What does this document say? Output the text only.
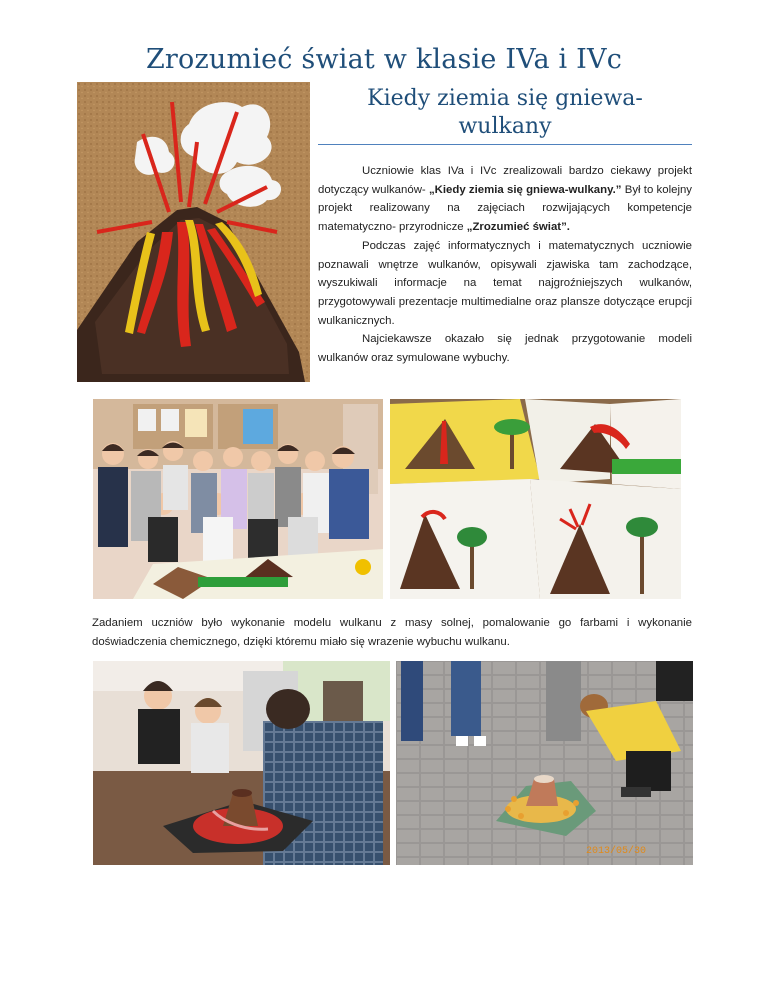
Zrozumieć świat w klasie IVa i IVc
Kiedy ziemia się gniewa-
wulkany

Uczniowie klas IVa i IVc zrealizowali bardzo ciekawy projekt dotyczący wulkanów- „Kiedy ziemia się gniewa-wulkany.” Był to kolejny projekt realizowany na zajęciach rozwijających kompetencje matematyczno- przyrodnicze „Zrozumieć świat”.

Podczas zajęć informatycznych i matematycznych uczniowie poznawali wnętrze wulkanów, opisywali zjawiska tam zachodzące, wyszukiwali informacje na temat najgroźniejszych wulkanów, przygotowywali prezentacje multimedialne oraz plansze dotyczące erupcji wulkanicznych.

Najciekawsze okazało się jednak przygotowanie modeli wulkanów oraz symulowane wybuchy.

Zadaniem uczniów było wykonanie modelu wulkanu z masy solnej, pomalowanie go farbami i wykonanie doświadczenia chemicznego, dzięki któremu miało się wrazenie wybuchu wulkanu.
2013/05/30
